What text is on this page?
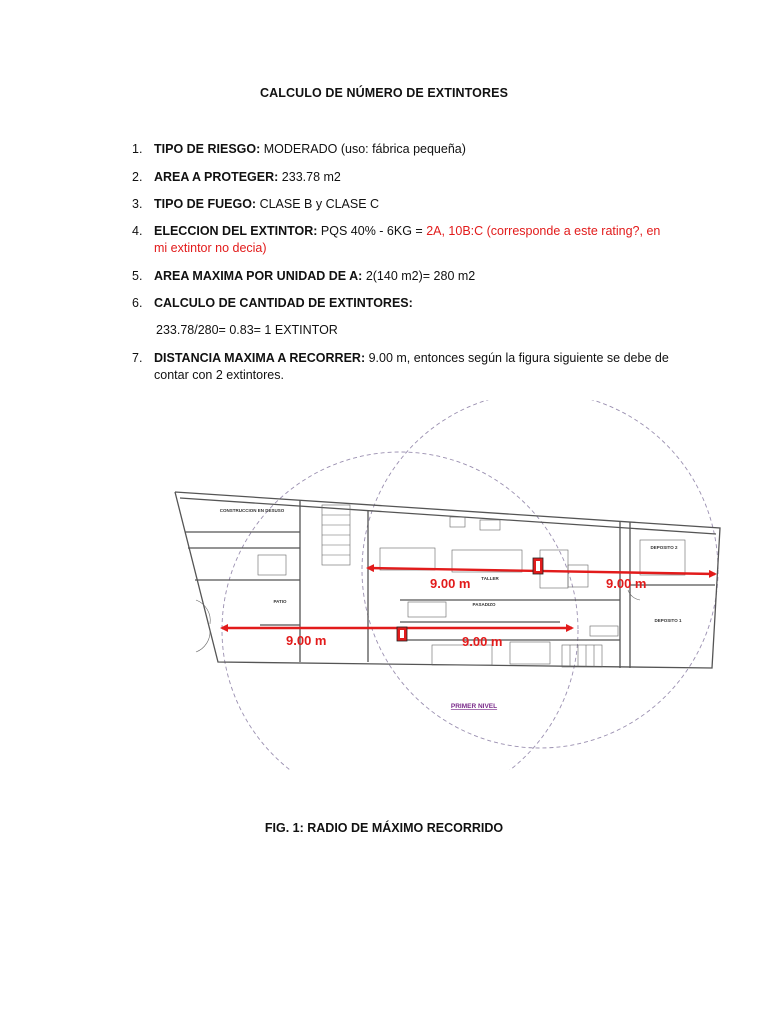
CALCULO DE NÚMERO DE EXTINTORES
1. TIPO DE RIESGO: MODERADO (uso: fábrica pequeña)
2. AREA A PROTEGER: 233.78 m2
3. TIPO DE FUEGO: CLASE B y CLASE C
4. ELECCION DEL EXTINTOR: PQS 40% - 6KG = 2A, 10B:C (corresponde a este rating?, en mi extintor no decia)
5. AREA MAXIMA POR UNIDAD DE A: 2(140 m2)= 280 m2
6. CALCULO DE CANTIDAD DE EXTINTORES:
233.78/280= 0.83= 1 EXTINTOR
7. DISTANCIA MAXIMA A RECORRER: 9.00 m, entonces según la figura siguiente se debe de contar con 2 extintores.
CONSTRUCCION EN DESUSO
PATIO
TALLER
PASADIZO
DEPOSITO 2
DEPOSITO 1
9.00 m	9.00 m
9.00 m	9.00 m
PRIMER NIVEL
FIG. 1: RADIO DE MÁXIMO RECORRIDO
